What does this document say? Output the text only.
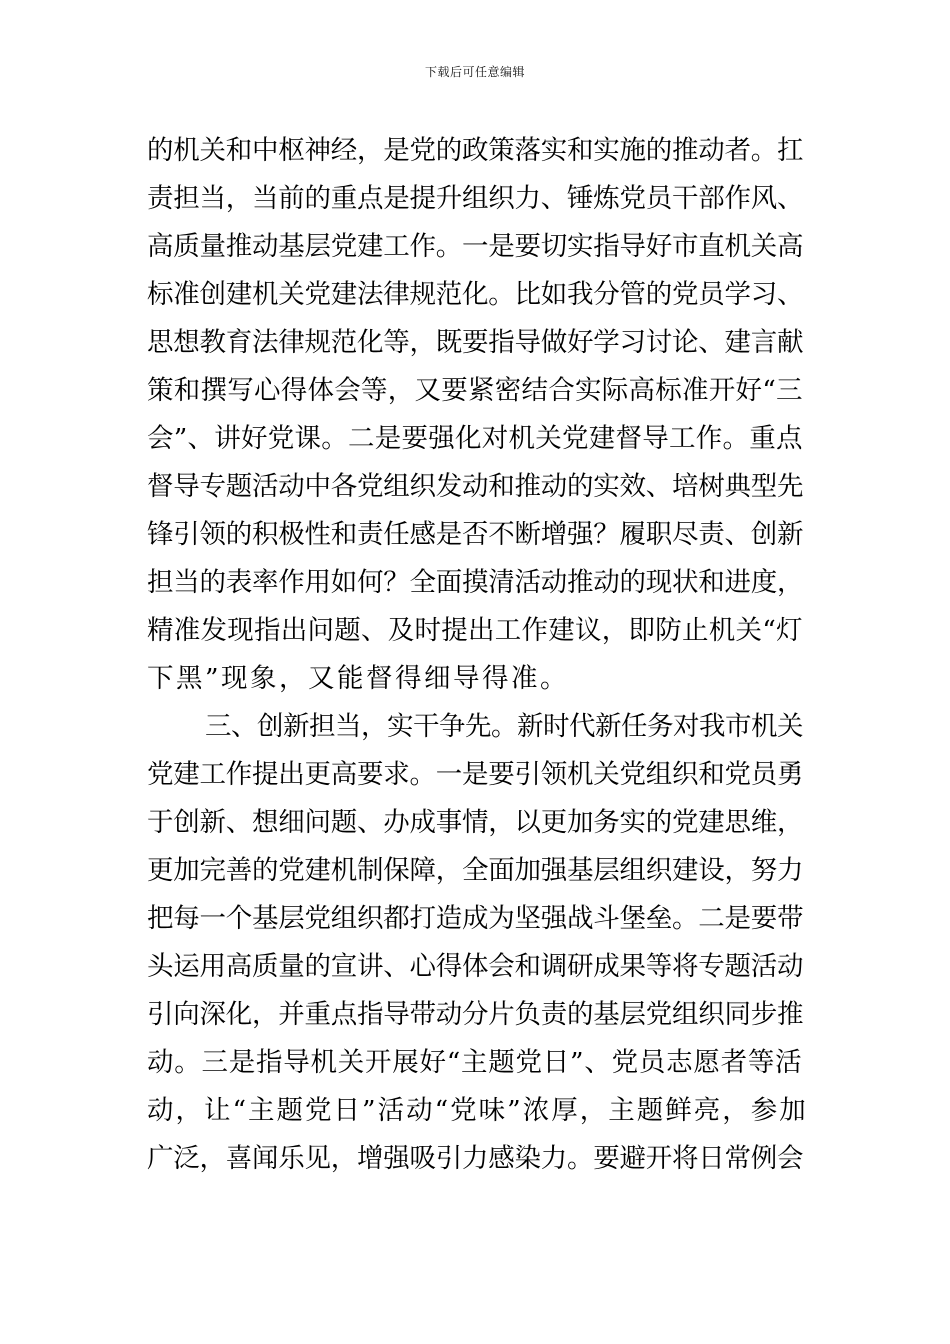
下载后可任意编辑
的机关和中枢神经，是党的政策落实和实施的推动者。扛
责担当，当前的重点是提升组织力、锤炼党员干部作风、
高质量推动基层党建工作。一是要切实指导好市直机关高
标准创建机关党建法律规范化。比如我分管的党员学习、
思想教育法律规范化等，既要指导做好学习讨论、建言献
策和撰写心得体会等，又要紧密结合实际高标准开好“三
会”、讲好党课。二是要强化对机关党建督导工作。重点
督导专题活动中各党组织发动和推动的实效、培树典型先
锋引领的积极性和责任感是否不断增强？履职尽责、创新
担当的表率作用如何？全面摸清活动推动的现状和进度，
精准发现指出问题、及时提出工作建议，即防止机关“灯
下黑”现象，又能督得细导得准。
三、创新担当，实干争先。新时代新任务对我市机关
党建工作提出更高要求。一是要引领机关党组织和党员勇
于创新、想细问题、办成事情，以更加务实的党建思维，
更加完善的党建机制保障，全面加强基层组织建设，努力
把每一个基层党组织都打造成为坚强战斗堡垒。二是要带
头运用高质量的宣讲、心得体会和调研成果等将专题活动
引向深化，并重点指导带动分片负责的基层党组织同步推
动。三是指导机关开展好“主题党日”、党员志愿者等活
动，让“主题党日”活动“党味”浓厚，主题鲜亮，参加
广泛，喜闻乐见，增强吸引力感染力。要避开将日常例会
